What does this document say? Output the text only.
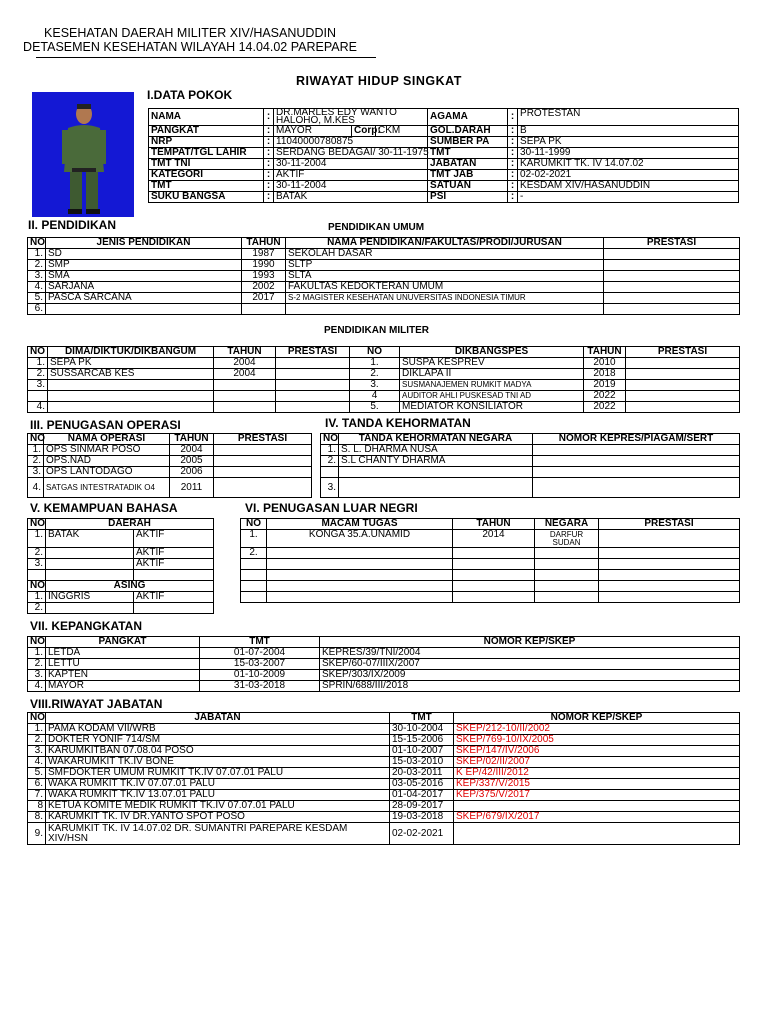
KESEHATAN DAERAH MILITER XIV/HASANUDDIN
DETASEMEN KESEHATAN WILAYAH 14.04.02 PAREPARE
RIWAYAT HIDUP SINGKAT
I.DATA POKOK
NAMA	:	DR.MARLES EDY WANTO HALOHO, M.KES			AGAMA	:	PROTESTAN
PANGKAT	:	MAYOR	Corp:	CKM	GOL.DARAH	:	B
NRP	:	11040000780875			SUMBER PA	:	SEPA PK
TEMPAT/TGL LAHIR	:	SERDANG BEDAGAI/ 30-11-1975			TMT	:	30-11-1999
TMT TNI	:	30-11-2004			JABATAN	:	KARUMKIT TK. IV 14.07.02
KATEGORI	:	AKTIF			TMT JAB	:	02-02-2021
TMT	:	30-11-2004			SATUAN	:	KESDAM XIV/HASANUDDIN
SUKU BANGSA	:	BATAK			PSI	:	-
II. PENDIDIKAN	PENDIDIKAN UMUM
NO	JENIS PENDIDIKAN	TAHUN	NAMA PENDIDIKAN/FAKULTAS/PRODI/JURUSAN	PRESTASI
1.	SD	1987	SEKOLAH DASAR	
2.	SMP	1990	SLTP	
3.	SMA	1993	SLTA	
4.	SARJANA	2002	FAKULTAS KEDOKTERAN UMUM	
5.	PASCA SARCANA	2017	S-2 MAGISTER KESEHATAN UNUVERSITAS INDONESIA TIMUR	
6.				
PENDIDIKAN MILITER
NO	DIMA/DIKTUK/DIKBANGUM	TAHUN	PRESTASI	NO	DIKBANGSPES	TAHUN	PRESTASI
1.	SEPA PK	2004		1.	SUSPA KESPREV	2010	
2.	SUSSARCAB KES	2004		2.	DIKLAPA II	2018	
3.				3.	SUSMANAJEMEN RUMKIT MADYA	2019	
				4	AUDITOR AHLI PUSKESAD TNI AD	2022	
4.				5.	MEDIATOR KONSILIATOR	2022	
III. PENUGASAN OPERASI
NO	NAMA OPERASI	TAHUN	PRESTASI
1.	OPS SINMAR POSO	2004	
2.	OPS.NAD	2005	
3.	OPS LANTODAGO	2006	
4.	SATGAS INTESTRATADIK O4	2011	
IV. TANDA KEHORMATAN
NO	TANDA KEHORMATAN NEGARA	NOMOR KEPRES/PIAGAM/SERT
1.	S. L. DHARMA NUSA	
2.	S.L CHANTY DHARMA	

3.		
V. KEMAMPUAN BAHASA
NO	DAERAH	
1.	BATAK	AKTIF
2.		AKTIF
3.		AKTIF

NO	ASING	
1.	INGGRIS	AKTIF
2.		
VI. PENUGASAN LUAR NEGRI
NO	MACAM TUGAS	TAHUN	NEGARA	PRESTASI
1.	KONGA 35.A.UNAMID	2014	DARFUR SUDAN	
2.				

VII. KEPANGKATAN
NO	PANGKAT	TMT	NOMOR KEP/SKEP
1.	LETDA	01-07-2004	KEPRES/39/TNI/2004
2.	LETTU	15-03-2007	SKEP/60-07/IIIX/2007
3.	KAPTEN	01-10-2009	SKEP/303/IX/2009
4.	MAYOR	31-03-2018	SPRIN/688/III/2018
VIII.RIWAYAT JABATAN
NO	JABATAN	TMT	NOMOR KEP/SKEP
1.	PAMA KODAM VII/WRB	30-10-2004	SKEP/212-10/II/2002
2.	DOKTER YONIF 714/SM	15-15-2006	SKEP/769-10/IX/2005
3.	KARUMKITBAN 07.08.04 POSO	01-10-2007	SKEP/147/IV/2006
4.	WAKARUMKIT TK.IV BONE	15-03-2010	SKEP/02/II/2007
5.	SMFDOKTER UMUM RUMKIT TK.IV 07.07.01 PALU	20-03-2011	K EP/42/III/2012
6.	WAKA RUMKIT TK.IV 07.07.01 PALU	03-05-2016	KEP/337/V/2015
7.	WAKA RUMKIT TK.IV 13.07.01 PALU	01-04-2017	KEP/375/V/2017
8	KETUA KOMITE MEDIK RUMKIT TK.IV 07.07.01 PALU	28-09-2017	
8.	KARUMKIT TK. IV DR.YANTO SPOT POSO	19-03-2018	SKEP/679/IX/2017
9.	KARUMKIT TK. IV 14.07.02 DR. SUMANTRI PAREPARE KESDAM XIV/HSN	02-02-2021	
